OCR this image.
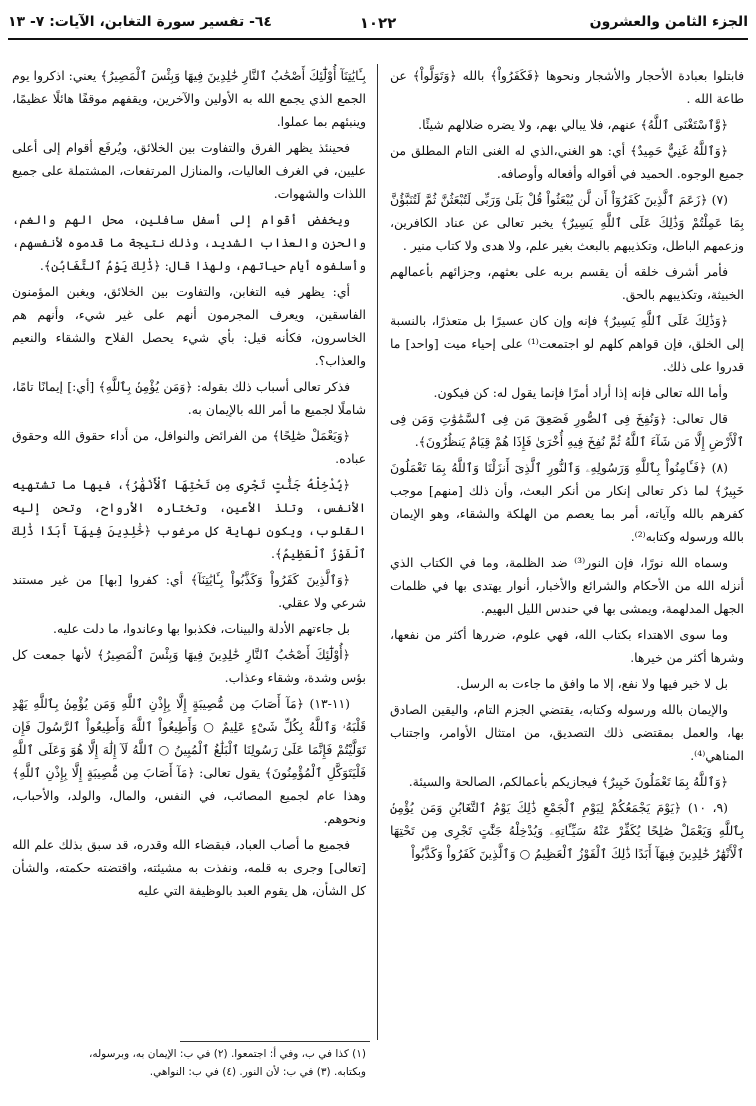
الجزء الثامن والعشرون
١٠٢٢
٦٤- تفسير سورة التغابن، الآيات: ٧- ١٣

فابتلوا بعبادة الأحجار والأشجار ونحوها ﴿فَكَفَرُواْ﴾ بالله ﴿وَتَوَلَّواْ﴾ عن طاعة الله .

﴿وَّٱسْتَغْنَى ٱللَّهُ﴾ عنهم، فلا يبالي بهم، ولا يضره ضلالهم شيئًا.

﴿وَٱللَّهُ غَنِيٌّ حَمِيدٌ﴾ أي: هو الغني،الذي له الغنى التام المطلق من جميع الوجوه. الحميد في أقواله وأفعاله وأوصافه.

(٧) ﴿زَعَمَ ٱلَّذِينَ كَفَرُوٓاْ أَن لَّن يُبْعَثُواْ قُلْ بَلَىٰ وَرَبِّى لَتُبْعَثُنَّ ثُمَّ لَتُنَبَّؤُنَّ بِمَا عَمِلْتُمْ وَذَٰلِكَ عَلَى ٱللَّهِ يَسِيرٌ﴾ يخبر تعالى عن عناد الكافرين، وزعمهم الباطل، وتكذيبهم بالبعث بغير علم، ولا هدى ولا كتاب منير .

فأمر أشرف خلقه أن يقسم بربه على بعثهم، وجزائهم بأعمالهم الخبيثة، وتكذيبهم بالحق.

﴿وَذَٰلِكَ عَلَى ٱللَّهِ يَسِيرٌ﴾ فإنه وإن كان عسيرًا بل متعذرًا، بالنسبة إلى الخلق، فإن قواهم كلهم لو اجتمعت⁽¹⁾ على إحياء ميت [واحد] ما قدروا على ذلك.

وأما الله تعالى فإنه إذا أراد أمرًا فإنما يقول له: كن فيكون.

قال تعالى: ﴿وَنُفِخَ فِى ٱلصُّورِ فَصَعِقَ مَن فِى ٱلسَّمَٰوَٰتِ وَمَن فِى ٱلْأَرْضِ إِلَّا مَن شَآءَ ٱللَّهُ ثُمَّ نُفِخَ فِيهِ أُخْرَىٰ فَإِذَا هُمْ قِيَامٌ يَنظُرُونَ﴾.

(٨) ﴿فَـَٔامِنُواْ بِٱللَّهِ وَرَسُولِهِۦ وَٱلنُّورِ ٱلَّذِىٓ أَنزَلْنَا وَٱللَّهُ بِمَا تَعْمَلُونَ خَبِيرٌ﴾ لما ذكر تعالى إنكار من أنكر البعث، وأن ذلك [منهم] موجب كفرهم بالله وآياته، أمر بما يعصم من الهلكة والشقاء، وهو الإيمان بالله ورسوله وكتابه⁽²⁾.

وسماه الله نورًا، فإن النور⁽³⁾ ضد الظلمة، وما في الكتاب الذي أنزله الله من الأحكام والشرائع والأخبار، أنوار يهتدى بها في ظلمات الجهل المدلهمة، ويمشى بها في حندس الليل البهيم.

وما سوى الاهتداء بكتاب الله، فهي علوم، ضررها أكثر من نفعها، وشرها أكثر من خيرها.

بل لا خير فيها ولا نفع، إلا ما وافق ما جاءت به الرسل.

والإيمان بالله ورسوله وكتابه، يقتضي الجزم التام، واليقين الصادق بها، والعمل بمقتضى ذلك التصديق، من امتثال الأوامر، واجتناب المناهي⁽⁴⁾.

﴿وَٱللَّهُ بِمَا تَعْمَلُونَ خَبِيرٌ﴾ فيجازيكم بأعمالكم، الصالحة والسيئة.

(٩، ١٠) ﴿يَوْمَ يَجْمَعُكُمْ لِيَوْمِ ٱلْجَمْعِ ذَٰلِكَ يَوْمُ ٱلتَّغَابُنِ وَمَن يُؤْمِنۢ بِٱللَّهِ وَيَعْمَلْ صَٰلِحًا يُكَفِّرْ عَنْهُ سَيِّـَٔاتِهِۦ وَيُدْخِلْهُ جَنَّٰتٍ تَجْرِى مِن تَحْتِهَا ٱلْأَنْهَٰرُ خَٰلِدِينَ فِيهَآ أَبَدًا ذَٰلِكَ ٱلْفَوْزُ ٱلْعَظِيمُ ○ وَٱلَّذِينَ كَفَرُواْ وَكَذَّبُواْ

بِـَٔايَٰتِنَآ أُوْلَٰٓئِكَ أَصْحَٰبُ ٱلنَّارِ خَٰلِدِينَ فِيهَا وَبِئْسَ ٱلْمَصِيرُ﴾ يعني: اذكروا يوم الجمع الذي يجمع الله به الأولين والآخرين، ويقفهم موقفًا هائلًا عظيمًا، وينبئهم بما عملوا.

فحينئذ يظهر الفرق والتفاوت بين الخلائق، ويُرفَع أقوام إلى أعلى عليين، في الغرف العاليات، والمنازل المرتفعات، المشتملة على جميع اللذات والشهوات.

ويخفض أقوام إلى أسفل سافلين، محل الهم والغم، والحزن والعذاب الشديد، وذلك نتيجة ما قدموه لأنفسهم، وأسلفوه أيام حياتهم، ولهذا قال: ﴿ذَٰلِكَ يَوْمُ ٱلتَّغَابُنِ﴾.

أي: يظهر فيه التغابن، والتفاوت بين الخلائق، ويغبن المؤمنون الفاسقين، ويعرف المجرمون أنهم على غير شيء، وأنهم هم الخاسرون، فكأنه قيل: بأي شيء يحصل الفلاح والشقاء والنعيم والعذاب؟.

فذكر تعالى أسباب ذلك بقوله: ﴿وَمَن يُؤْمِنۢ بِٱللَّهِ﴾ [أي:] إيمانًا تامًا، شاملًا لجميع ما أمر الله بالإيمان به.

﴿وَيَعْمَلْ صَٰلِحًا﴾ من الفرائض والنوافل، من أداء حقوق الله وحقوق عباده.

﴿يُدْخِلْهُ جَنَّٰتٍ تَجْرِى مِن تَحْتِهَا ٱلْأَنْهَٰرُ﴾، فيها ما تشتهيه الأنفس، وتلذ الأعين، وتختاره الأرواح، وتحن إليه القلوب، ويكون نهاية كل مرغوب ﴿خَٰلِدِينَ فِيهَآ أَبَدًا ذَٰلِكَ ٱلْفَوْزُ ٱلْعَظِيمُ﴾.

﴿وَٱلَّذِينَ كَفَرُواْ وَكَذَّبُواْ بِـَٔايَٰتِنَآ﴾ أي: كفروا [بها] من غير مستند شرعي ولا عقلي.

بل جاءتهم الأدلة والبينات، فكذبوا بها وعاندوا، ما دلت عليه.

﴿أُوْلَٰٓئِكَ أَصْحَٰبُ ٱلنَّارِ خَٰلِدِينَ فِيهَا وَبِئْسَ ٱلْمَصِيرُ﴾ لأنها جمعت كل بؤس وشدة، وشقاء وعذاب.

(١١-١٣) ﴿مَآ أَصَابَ مِن مُّصِيبَةٍ إِلَّا بِإِذْنِ ٱللَّهِ وَمَن يُؤْمِنۢ بِٱللَّهِ يَهْدِ قَلْبَهُۥ وَٱللَّهُ بِكُلِّ شَىْءٍ عَلِيمٌ ○ وَأَطِيعُواْ ٱللَّهَ وَأَطِيعُواْ ٱلرَّسُولَ فَإِن تَوَلَّيْتُمْ فَإِنَّمَا عَلَىٰ رَسُولِنَا ٱلْبَلَٰغُ ٱلْمُبِينُ ○ ٱللَّهُ لَآ إِلَٰهَ إِلَّا هُوَ وَعَلَى ٱللَّهِ فَلْيَتَوَكَّلِ ٱلْمُؤْمِنُونَ﴾ يقول تعالى: ﴿مَآ أَصَابَ مِن مُّصِيبَةٍ إِلَّا بِإِذْنِ ٱللَّهِ﴾ وهذا عام لجميع المصائب، في النفس، والمال، والولد، والأحباب، ونحوهم.

فجميع ما أصاب العباد، فبقضاء الله وقدره، قد سبق بذلك علم الله [تعالى] وجرى به قلمه، ونفذت به مشيئته، واقتضته حكمته، والشأن كل الشأن، هل يقوم العبد بالوظيفة التي عليه

(١) كذا في ب، وفي أ: اجتمعوا. (٢) في ب: الإيمان به، وبرسوله،
وبكتابه. (٣) في ب: لأن النور. (٤) في ب: النواهي.
